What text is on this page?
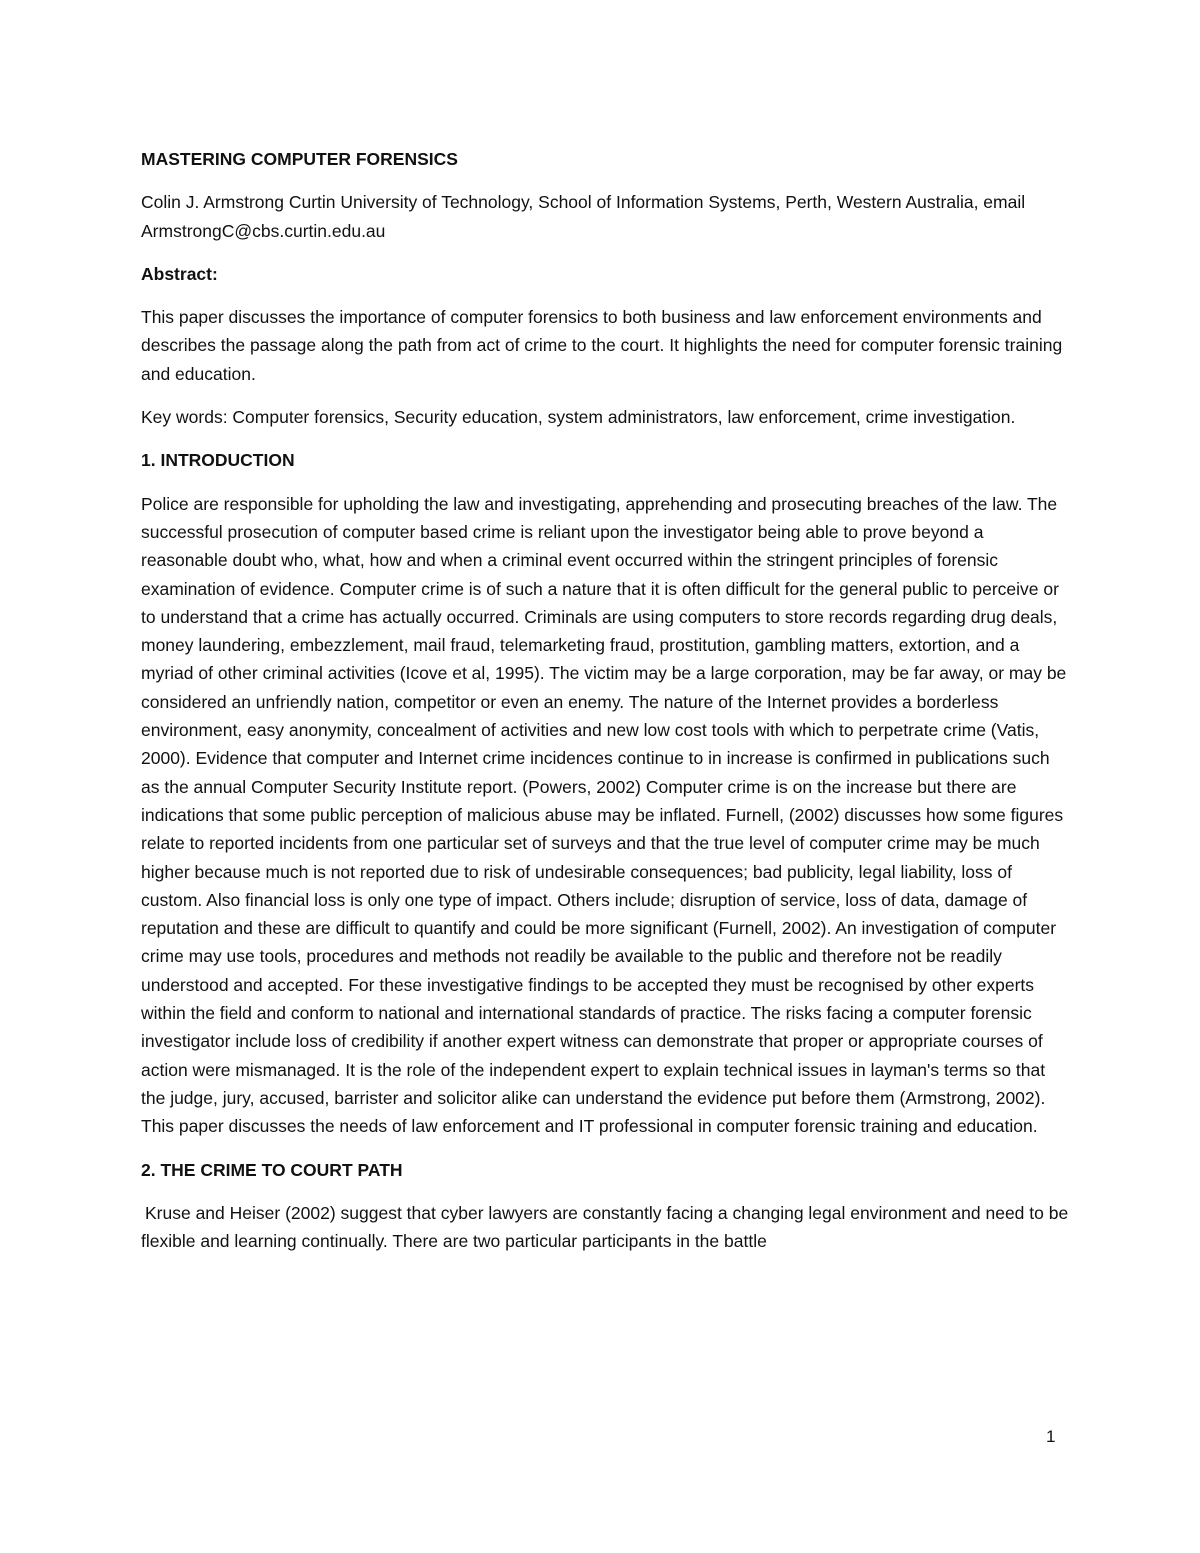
MASTERING COMPUTER FORENSICS

Colin J. Armstrong Curtin University of Technology, School of Information Systems, Perth, Western Australia, email ArmstrongC@cbs.curtin.edu.au

Abstract:

This paper discusses the importance of computer forensics to both business and law enforcement environments and describes the passage along the path from act of crime to the court. It highlights the need for computer forensic training and education.

Key words: Computer forensics, Security education, system administrators, law enforcement, crime investigation.

1. INTRODUCTION

Police are responsible for upholding the law and investigating, apprehending and prosecuting breaches of the law. The successful prosecution of computer based crime is reliant upon the investigator being able to prove beyond a reasonable doubt who, what, how and when a criminal event occurred within the stringent principles of forensic examination of evidence. Computer crime is of such a nature that it is often difficult for the general public to perceive or to understand that a crime has actually occurred. Criminals are using computers to store records regarding drug deals, money laundering, embezzlement, mail fraud, telemarketing fraud, prostitution, gambling matters, extortion, and a myriad of other criminal activities (Icove et al, 1995). The victim may be a large corporation, may be far away, or may be considered an unfriendly nation, competitor or even an enemy. The nature of the Internet provides a borderless environment, easy anonymity, concealment of activities and new low cost tools with which to perpetrate crime (Vatis, 2000). Evidence that computer and Internet crime incidences continue to in increase is confirmed in publications such as the annual Computer Security Institute report. (Powers, 2002) Computer crime is on the increase but there are indications that some public perception of malicious abuse may be inflated. Furnell, (2002) discusses how some figures relate to reported incidents from one particular set of surveys and that the true level of computer crime may be much higher because much is not reported due to risk of undesirable consequences; bad publicity, legal liability, loss of custom. Also financial loss is only one type of impact. Others include; disruption of service, loss of data, damage of reputation and these are difficult to quantify and could be more significant (Furnell, 2002). An investigation of computer crime may use tools, procedures and methods not readily be available to the public and therefore not be readily understood and accepted. For these investigative findings to be accepted they must be recognised by other experts within the field and conform to national and international standards of practice. The risks facing a computer forensic investigator include loss of credibility if another expert witness can demonstrate that proper or appropriate courses of action were mismanaged. It is the role of the independent expert to explain technical issues in layman's terms so that the judge, jury, accused, barrister and solicitor alike can understand the evidence put before them (Armstrong, 2002). This paper discusses the needs of law enforcement and IT professional in computer forensic training and education.

2. THE CRIME TO COURT PATH

Kruse and Heiser (2002) suggest that cyber lawyers are constantly facing a changing legal environment and need to be flexible and learning continually. There are two particular participants in the battle

1
